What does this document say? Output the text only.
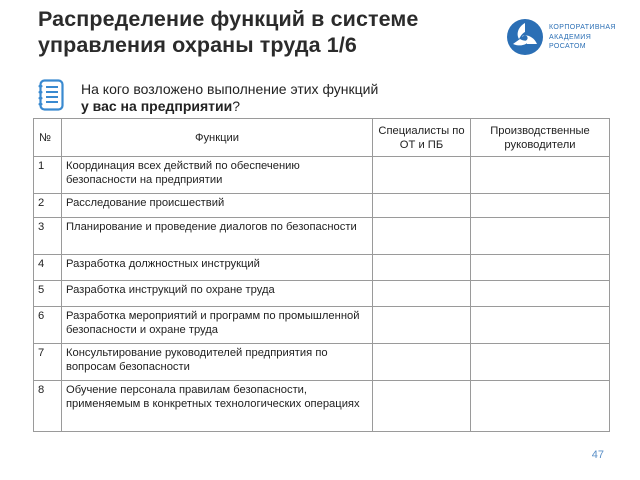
Распределение функций в системе
управления охраны труда 1/6
КОРПОРАТИВНАЯ
АКАДЕМИЯ
РОСАТОМ
На кого возложено выполнение этих функций
у вас на предприятии?
№	Функции	Специалисты по ОТ и ПБ	Производственные руководители
1	Координация всех действий по обеспечению безопасности на предприятии		
2	Расследование происшествий		
3	Планирование и проведение диалогов по безопасности		
4	Разработка должностных инструкций		
5	Разработка инструкций по охране труда		
6	Разработка мероприятий и программ по промышленной безопасности и охране труда		
7	Консультирование руководителей предприятия по вопросам безопасности		
8	Обучение персонала правилам безопасности, применяемым в конкретных технологических операциях		
47
